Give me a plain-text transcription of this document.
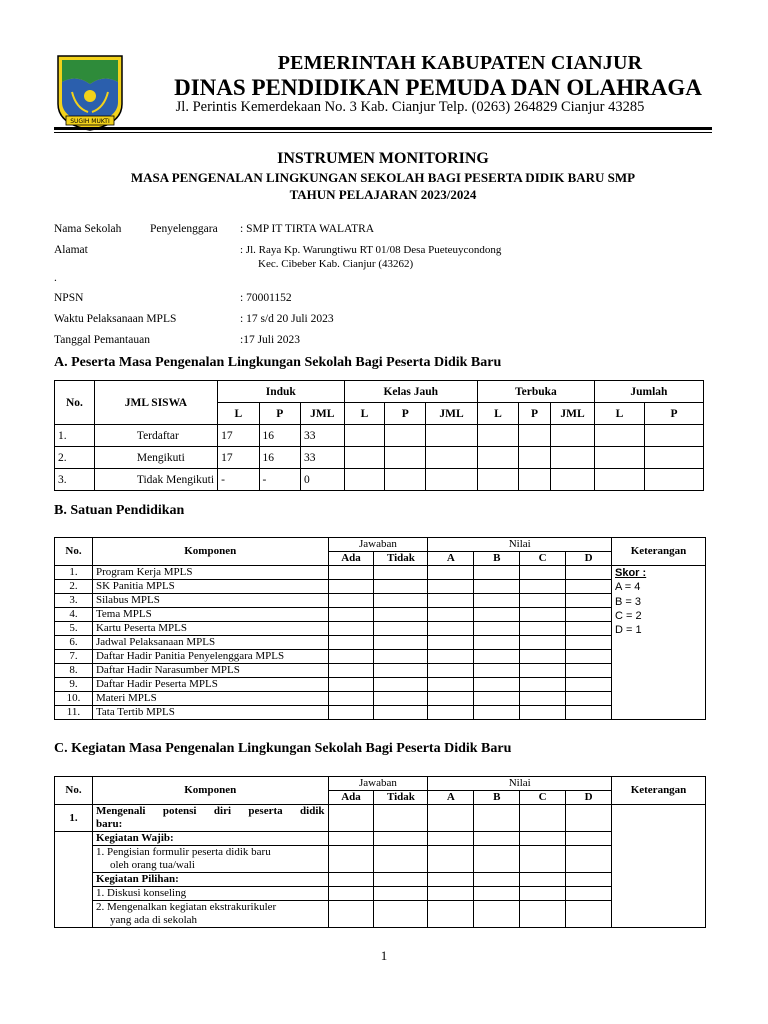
SUGIH MUKTI
PEMERINTAH KABUPATEN CIANJUR
DINAS PENDIDIKAN PEMUDA DAN OLAHRAGA
Jl. Perintis Kemerdekaan No. 3 Kab. Cianjur Telp. (0263) 264829 Cianjur 43285
INSTRUMEN MONITORING
MASA PENGENALAN LINGKUNGAN SEKOLAH BAGI PESERTA DIDIK BARU SMP
TAHUN PELAJARAN 2023/2024
Nama Sekolah Penyelenggara : SMP IT TIRTA WALATRA
Alamat	: Jl. Raya Kp. Warungtiwu RT 01/08 Desa Pueteuycondong
Kec. Cibeber Kab. Cianjur (43262)
.
NPSN	: 70001152
Waktu Pelaksanaan MPLS	: 17 s/d 20 Juli 2023
Tanggal Pemantauan	:17 Juli 2023
A. Peserta Masa Pengenalan Lingkungan Sekolah Bagi Peserta Didik Baru
No.	JML SISWA	Induk			Kelas Jauh			Terbuka			Jumlah	
		L	P	JML	L	P	JML	L	P	JML	L	P
1.	Terdaftar	17	16	33								
2.	Mengikuti	17	16	33								
3.	Tidak Mengikuti	-	-	0								
B. Satuan Pendidikan
No.	Komponen	Jawaban		Nilai				Keterangan
		Ada	Tidak	A	B	C	D	
1.	Program Kerja MPLS							Skor :
A = 4
B = 3
C = 2
D = 1

2.	SK Panitia MPLS							
3.	Silabus MPLS							
4.	Tema MPLS							
5.	Kartu Peserta MPLS							
6.	Jadwal Pelaksanaan MPLS							
7.	Daftar Hadir Panitia Penyelenggara MPLS							
8.	Daftar Hadir Narasumber MPLS							
9.	Daftar Hadir Peserta MPLS							
10.	Materi MPLS							
11.	Tata Tertib MPLS							
C. Kegiatan Masa Pengenalan Lingkungan Sekolah Bagi Peserta Didik Baru
No.	Komponen	Jawaban		Nilai				Keterangan
		Ada	Tidak	A	B	C	D	
1.	Mengenali potensi diri peserta didik
baru:							

	Kegiatan Wajib:							

	1. Pengisian formulir peserta didik baru
oleh orang tua/wali							

	Kegiatan Pilihan:							
	1. Diskusi konseling							

	2. Mengenalkan kegiatan ekstrakurikuler
yang ada di sekolah							

1
